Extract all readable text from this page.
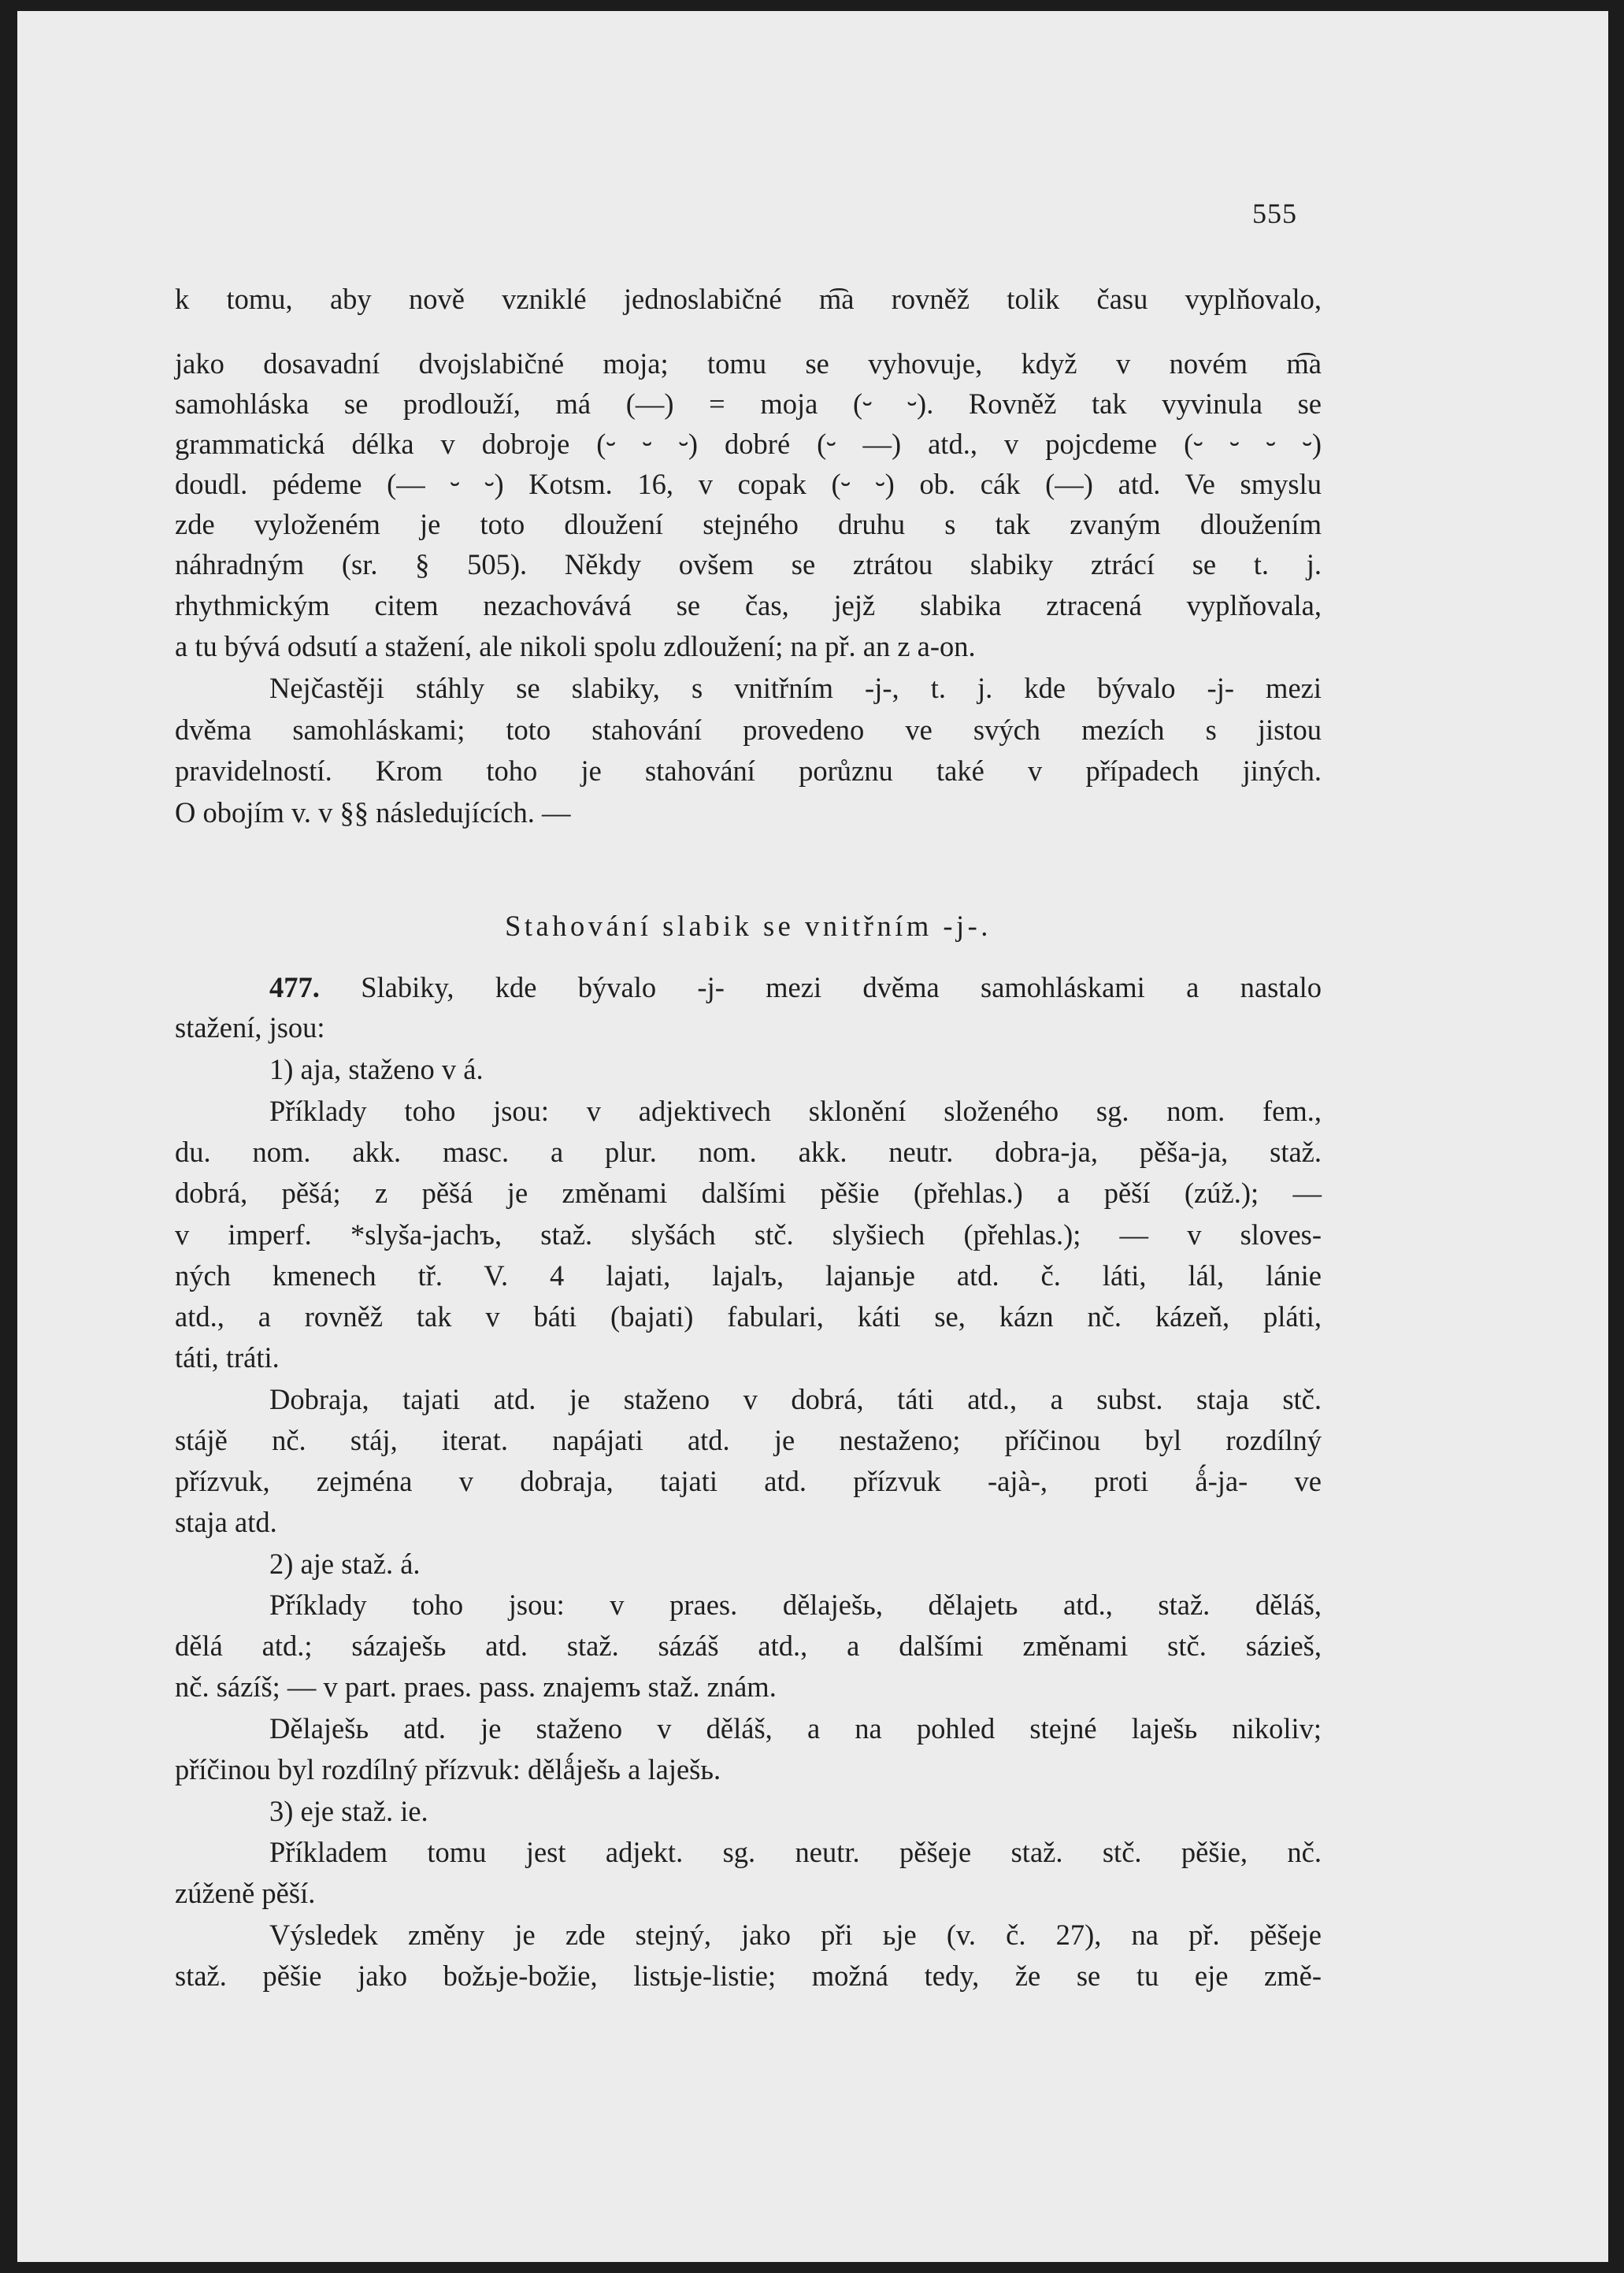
555
k tomu, aby nově vzniklé jednoslabičné m͡a rovněž tolik času vyplňovalo,
jako dosavadní dvojslabičné moja; tomu se vyhovuje, když v novém m͡a
samohláska se prodlouží, má (—) = moja (⏑ ⏑). Rovněž tak vyvinula se
grammatická délka v dobroje (⏑ ⏑ ⏑) dobré (⏑ —) atd., v pojcdeme (⏑ ⏑ ⏑ ⏑)
doudl. pédeme (— ⏑ ⏑) Kotsm. 16, v copak (⏑ ⏑) ob. cák (—) atd. Ve smyslu
zde vyloženém je toto dloužení stejného druhu s tak zvaným dloužením
náhradným (sr. § 505). Někdy ovšem se ztrátou slabiky ztrácí se t. j.
rhythmickým citem nezachovává se čas, jejž slabika ztracená vyplňovala,
a tu bývá odsutí a stažení, ale nikoli spolu zdloužení; na př. an z a-on.
Nejčastěji stáhly se slabiky, s vnitřním -j-, t. j. kde bývalo -j- mezi
dvěma samohláskami; toto stahování provedeno ve svých mezích s jistou
pravidelností. Krom toho je stahování porůznu také v případech jiných.
O obojím v. v §§ následujících. —
Stahování slabik se vnitřním -j-.
477. Slabiky, kde bývalo -j- mezi dvěma samohláskami a nastalo
stažení, jsou:
1) aja, staženo v á.
Příklady toho jsou: v adjektivech sklonění složeného sg. nom. fem.,
du. nom. akk. masc. a plur. nom. akk. neutr. dobra-ja, pěša-ja, staž.
dobrá, pěšá; z pěšá je změnami dalšími pěšie (přehlas.) a pěší (zúž.); —
v imperf. *slyša-jachъ, staž. slyšách stč. slyšiech (přehlas.); — v sloves-
ných kmenech tř. V. 4 lajati, lajalъ, lajanьje atd. č. láti, lál, lánie
atd., a rovněž tak v báti (bajati) fabulari, káti se, kázn nč. kázeň, pláti,
táti, tráti.
Dobraja, tajati atd. je staženo v dobrá, táti atd., a subst. staja stč.
stájě nč. stáj, iterat. napájati atd. je nestaženo; příčinou byl rozdílný
přízvuk, zejména v dobraja, tajati atd. přízvuk -ajà-, proti ǻ-ja- ve
staja atd.
2) aje staž. á.
Příklady toho jsou: v praes. dělaješь, dělajetь atd., staž. děláš,
dělá atd.; sázaješь atd. staž. sázáš atd., a dalšími změnami stč. sázieš,
nč. sázíš; — v part. praes. pass. znajemъ staž. znám.
Dělaješь atd. je staženo v děláš, a na pohled stejné laješь nikoliv;
příčinou byl rozdílný přízvuk: dělǻješь a laješь.
3) eje staž. ie.
Příkladem tomu jest adjekt. sg. neutr. pěšeje staž. stč. pěšie, nč.
zúženě pěší.
Výsledek změny je zde stejný, jako při ьje (v. č. 27), na př. pěšeje
staž. pěšie jako božьje-božie, listьje-listie; možná tedy, že se tu eje změ-
